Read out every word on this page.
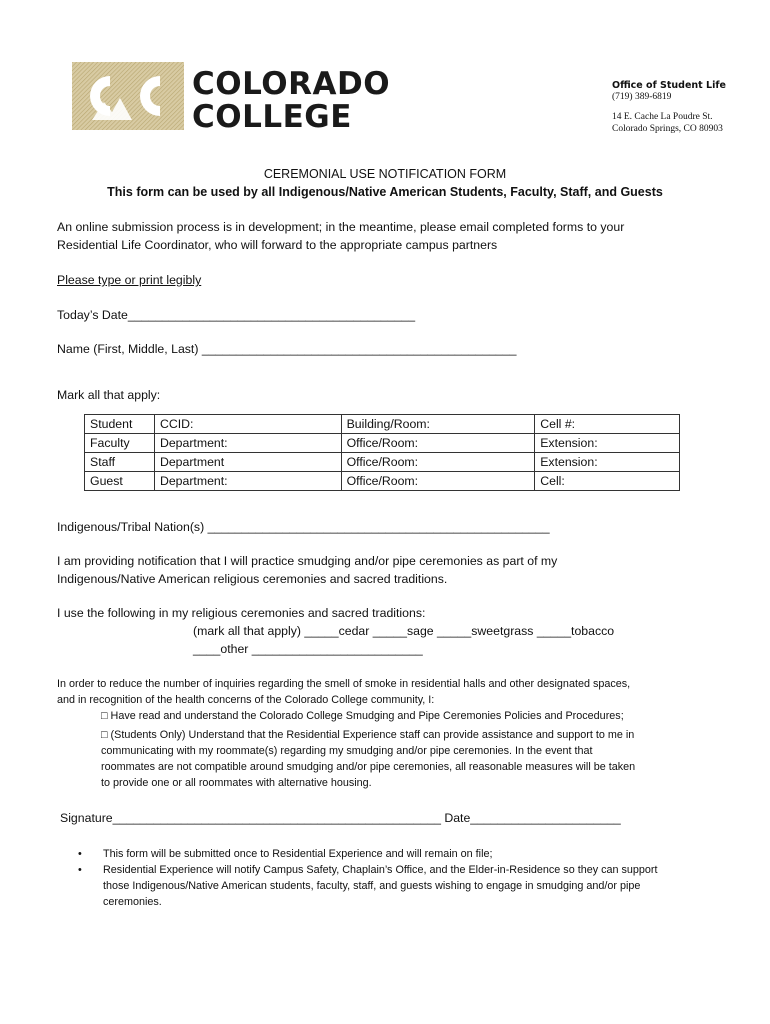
COLORADO
COLLEGE
Office of Student Life
(719) 389-6819
14 E. Cache La Poudre St.
Colorado Springs, CO 80903
CEREMONIAL USE NOTIFICATION FORM
This form can be used by all Indigenous/Native American Students, Faculty, Staff, and Guests
An online submission process is in development; in the meantime, please email completed forms to your
Residential Life Coordinator, who will forward to the appropriate campus partners
Please type or print legibly
Today’s Date__________________________________________
Name (First, Middle, Last) ______________________________________________
Mark all that apply:
Student	CCID:	Building/Room:	Cell #:
Faculty	Department:	Office/Room:	Extension:
Staff	Department	Office/Room:	Extension:
Guest	Department:	Office/Room:	Cell:
Indigenous/Tribal Nation(s) __________________________________________________
I am providing notification that I will practice smudging and/or pipe ceremonies as part of my
Indigenous/Native American religious ceremonies and sacred traditions.
I use the following in my religious ceremonies and sacred traditions:
(mark all that apply) _____cedar _____sage _____sweetgrass _____tobacco
____other _________________________
In order to reduce the number of inquiries regarding the smell of smoke in residential halls and other designated spaces,
and in recognition of the health concerns of the Colorado College community, I:
□ Have read and understand the Colorado College Smudging and Pipe Ceremonies Policies and Procedures;
□ (Students Only) Understand that the Residential Experience staff can provide assistance and support to me in
communicating with my roommate(s) regarding my smudging and/or pipe ceremonies. In the event that
roommates are not compatible around smudging and/or pipe ceremonies, all reasonable measures will be taken
to provide one or all roommates with alternative housing.
Signature________________________________________________ Date______________________
• This form will be submitted once to Residential Experience and will remain on file;
• Residential Experience will notify Campus Safety, Chaplain’s Office, and the Elder-in-Residence so they can support those Indigenous/Native American students, faculty, staff, and guests wishing to engage in smudging and/or pipe ceremonies.
